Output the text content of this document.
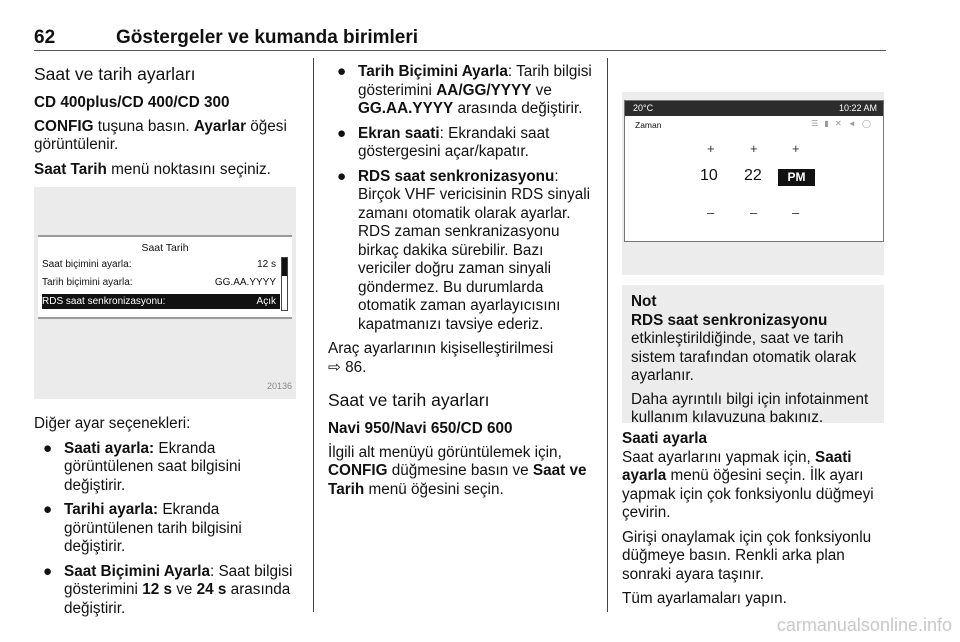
62	Göstergeler ve kumanda birimleri
Saat ve tarih ayarları
CD 400plus/CD 400/CD 300

CONFIG tuşuna basın. Ayarlar öğesi görüntülenir.

Saat Tarih menü noktasını seçiniz.

Saat Tarih
Saat biçimini ayarla:	12 s
Tarih biçimini ayarla:	GG.AA.YYYY
RDS saat senkronizasyonu:	Açık
20136

Diğer ayar seçenekleri:

● Saati ayarla: Ekranda görüntülenen saat bilgisini değiştirir.
● Tarihi ayarla: Ekranda görüntülenen tarih bilgisini değiştirir.
● Saat Biçimini Ayarla: Saat bilgisi gösterimini 12 s ve 24 s arasında değiştirir.
● Tarih Biçimini Ayarla: Tarih bilgisi gösterimini AA/GG/YYYY ve GG.AA.YYYY arasında değiştirir.
● Ekran saati: Ekrandaki saat göstergesini açar/kapatır.
● RDS saat senkronizasyonu: Birçok VHF vericisinin RDS sinyali zamanı otomatik olarak ayarlar. RDS zaman senkranizasyonu birkaç dakika sürebilir. Bazı vericiler doğru zaman sinyali göndermez. Bu durumlarda otomatik zaman ayarlayıcısını kapatmanızı tavsiye ederiz.

Araç ayarlarının kişiselleştirilmesi
⇨ 86.

Saat ve tarih ayarları
Navi 950/Navi 650/CD 600

İlgili alt menüyü görüntülemek için,
CONFIG düğmesine basın ve Saat ve Tarih menü öğesini seçin.

20°C	10:22 AM
Zaman	☰ ▮ ✕ ◄ ◯
+	+	+
10 22	PM
–	–	–

Not

RDS saat senkronizasyonu
etkinleştirildiğinde, saat ve tarih sistem tarafından otomatik olarak ayarlanır.

Daha ayrıntılı bilgi için infotainment kullanım kılavuzuna bakınız.

Saati ayarla

Saat ayarlarını yapmak için, Saati ayarla menü öğesini seçin. İlk ayarı yapmak için çok fonksiyonlu düğmeyi çevirin.

Girişi onaylamak için çok fonksiyonlu düğmeye basın. Renkli arka plan sonraki ayara taşınır.

Tüm ayarlamaları yapın.

carmanualsonline.info
